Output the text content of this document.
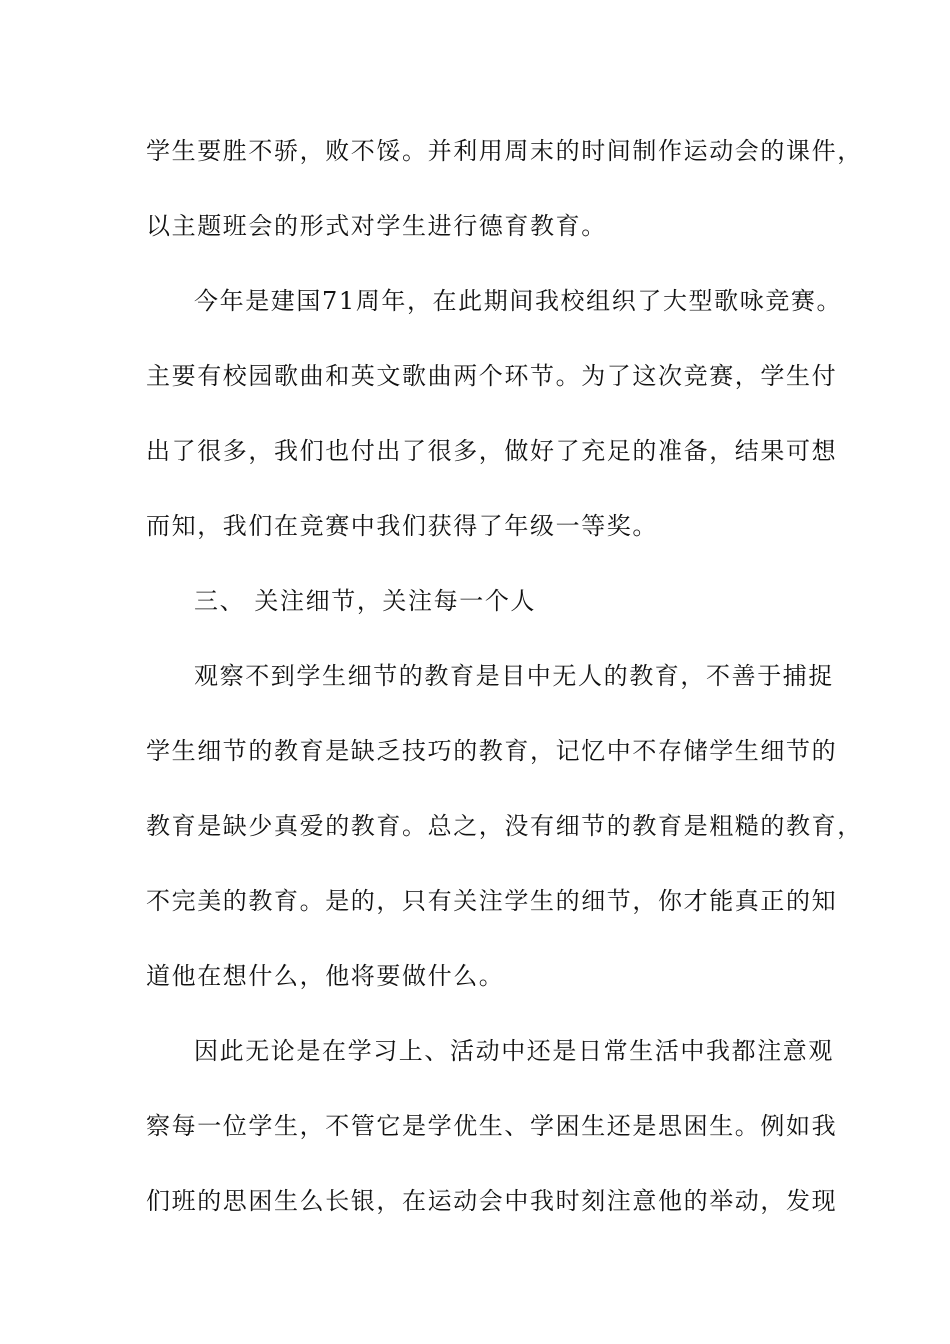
学生要胜不骄，败不馁。并利用周末的时间制作运动会的课件，
以主题班会的形式对学生进行德育教育。
今年是建国71周年，在此期间我校组织了大型歌咏竞赛。
主要有校园歌曲和英文歌曲两个环节。为了这次竞赛，学生付
出了很多，我们也付出了很多，做好了充足的准备，结果可想
而知，我们在竞赛中我们获得了年级一等奖。
三、 关注细节，关注每一个人
观察不到学生细节的教育是目中无人的教育，不善于捕捉
学生细节的教育是缺乏技巧的教育，记忆中不存储学生细节的
教育是缺少真爱的教育。总之，没有细节的教育是粗糙的教育，
不完美的教育。是的，只有关注学生的细节，你才能真正的知
道他在想什么，他将要做什么。
因此无论是在学习上、活动中还是日常生活中我都注意观
察每一位学生，不管它是学优生、学困生还是思困生。例如我
们班的思困生么长银，在运动会中我时刻注意他的举动，发现
